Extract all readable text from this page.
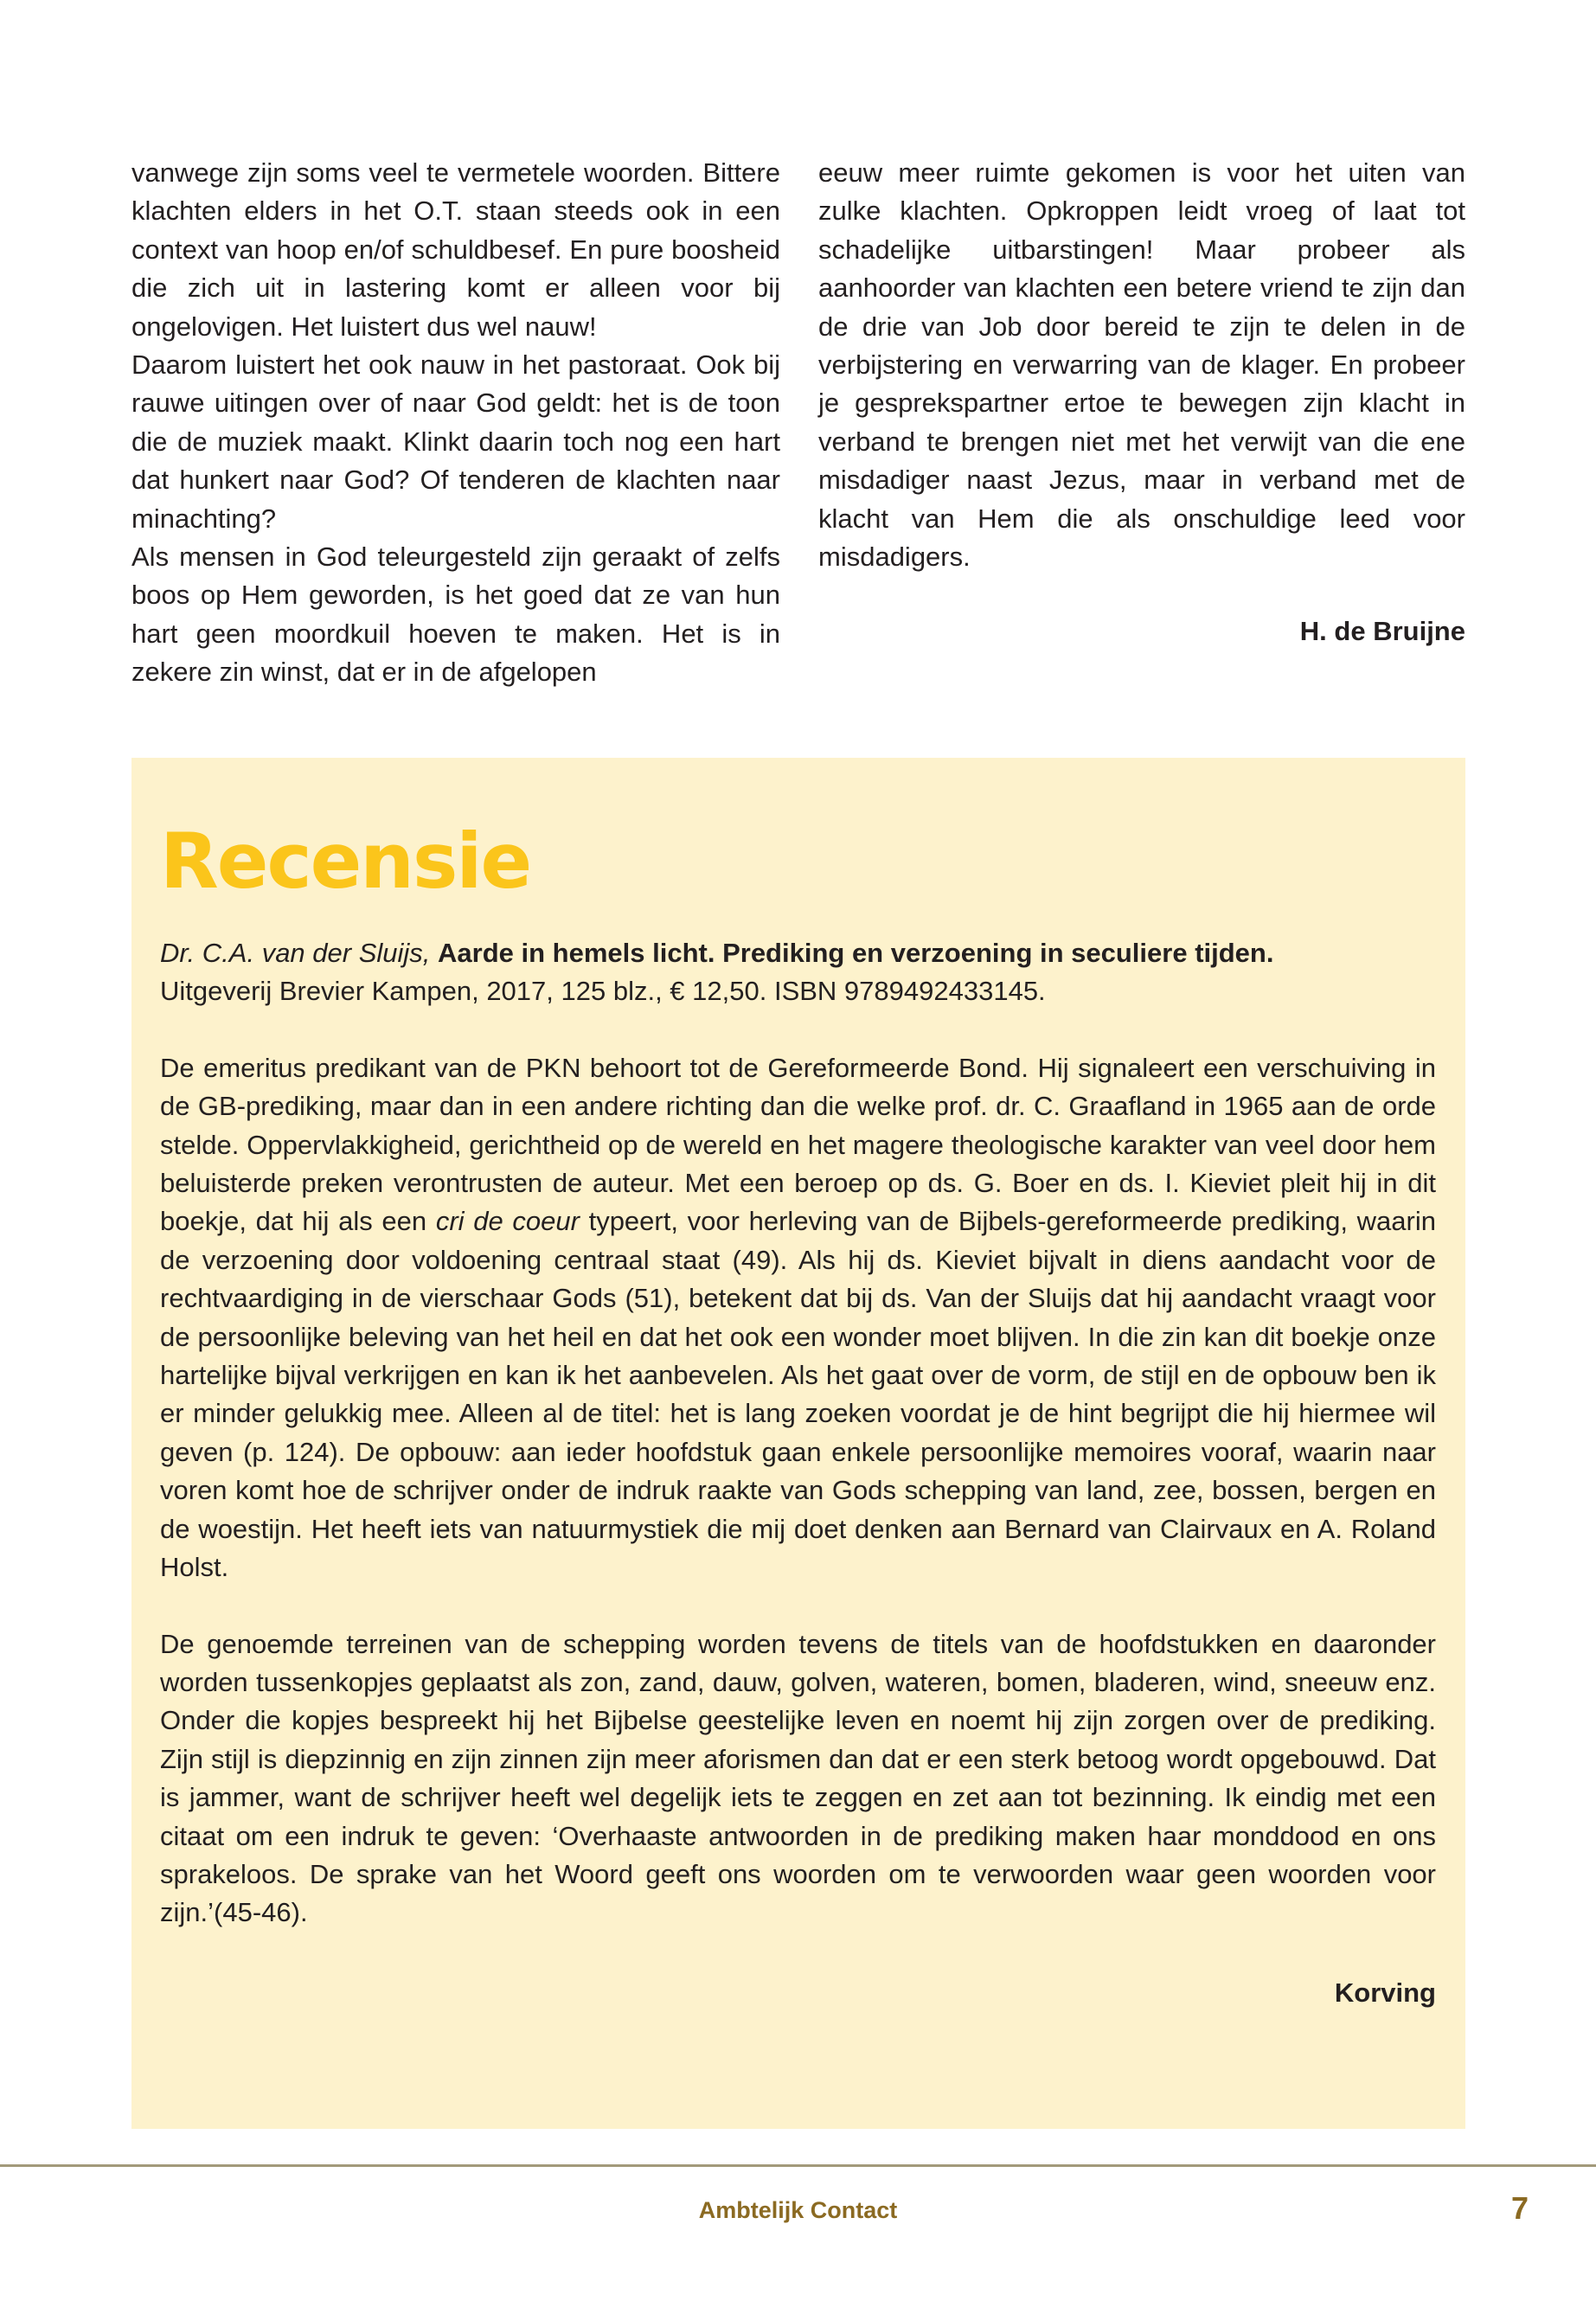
vanwege zijn soms veel te vermetele woorden. Bittere klachten elders in het O.T. staan steeds ook in een context van hoop en/of schuldbesef. En pure boosheid die zich uit in lastering komt er alleen voor bij ongelovigen. Het luistert dus wel nauw!

Daarom luistert het ook nauw in het pastoraat. Ook bij rauwe uitingen over of naar God geldt: het is de toon die de muziek maakt. Klinkt daarin toch nog een hart dat hunkert naar God? Of tenderen de klachten naar minachting?

Als mensen in God teleurgesteld zijn geraakt of zelfs boos op Hem geworden, is het goed dat ze van hun hart geen moordkuil hoeven te maken. Het is in zekere zin winst, dat er in de afgelopen

eeuw meer ruimte gekomen is voor het uiten van zulke klachten. Opkroppen leidt vroeg of laat tot schadelijke uitbarstingen! Maar probeer als aanhoorder van klachten een betere vriend te zijn dan de drie van Job door bereid te zijn te delen in de verbijstering en verwarring van de klager. En probeer je gesprekspartner ertoe te bewegen zijn klacht in verband te brengen niet met het verwijt van die ene misdadiger naast Jezus, maar in verband met de klacht van Hem die als onschuldige leed voor misdadigers.

H. de Bruijne

Recensie

Dr. C.A. van der Sluijs, Aarde in hemels licht. Prediking en verzoening in seculiere tijden.

Uitgeverij Brevier Kampen, 2017, 125 blz., € 12,50. ISBN 9789492433145.

De emeritus predikant van de PKN behoort tot de Gereformeerde Bond. Hij signaleert een verschuiving in de GB-prediking, maar dan in een andere richting dan die welke prof. dr. C. Graafland in 1965 aan de orde stelde. Oppervlakkigheid, gerichtheid op de wereld en het magere theologische karakter van veel door hem beluisterde preken verontrusten de auteur. Met een beroep op ds. G. Boer en ds. I. Kieviet pleit hij in dit boekje, dat hij als een cri de coeur typeert, voor herleving van de Bijbels-gereformeerde prediking, waarin de verzoening door voldoening centraal staat (49). Als hij ds. Kieviet bijvalt in diens aandacht voor de rechtvaardiging in de vierschaar Gods (51), betekent dat bij ds. Van der Sluijs dat hij aandacht vraagt voor de persoonlijke beleving van het heil en dat het ook een wonder moet blijven. In die zin kan dit boekje onze hartelijke bijval verkrijgen en kan ik het aanbevelen. Als het gaat over de vorm, de stijl en de opbouw ben ik er minder gelukkig mee. Alleen al de titel: het is lang zoeken voordat je de hint begrijpt die hij hiermee wil geven (p. 124). De opbouw: aan ieder hoofdstuk gaan enkele persoonlijke memoires vooraf, waarin naar voren komt hoe de schrijver onder de indruk raakte van Gods schepping van land, zee, bossen, bergen en de woestijn. Het heeft iets van natuurmystiek die mij doet denken aan Bernard van Clairvaux en A. Roland Holst.

De genoemde terreinen van de schepping worden tevens de titels van de hoofdstukken en daaronder worden tussenkopjes geplaatst als zon, zand, dauw, golven, wateren, bomen, bladeren, wind, sneeuw enz. Onder die kopjes bespreekt hij het Bijbelse geestelijke leven en noemt hij zijn zorgen over de prediking. Zijn stijl is diepzinnig en zijn zinnen zijn meer aforismen dan dat er een sterk betoog wordt opgebouwd. Dat is jammer, want de schrijver heeft wel degelijk iets te zeggen en zet aan tot bezinning. Ik eindig met een citaat om een indruk te geven: ‘Overhaaste antwoorden in de prediking maken haar monddood en ons sprakeloos. De sprake van het Woord geeft ons woorden om te verwoorden waar geen woorden voor zijn.’(45-46).

Korving

Ambtelijk Contact	7
